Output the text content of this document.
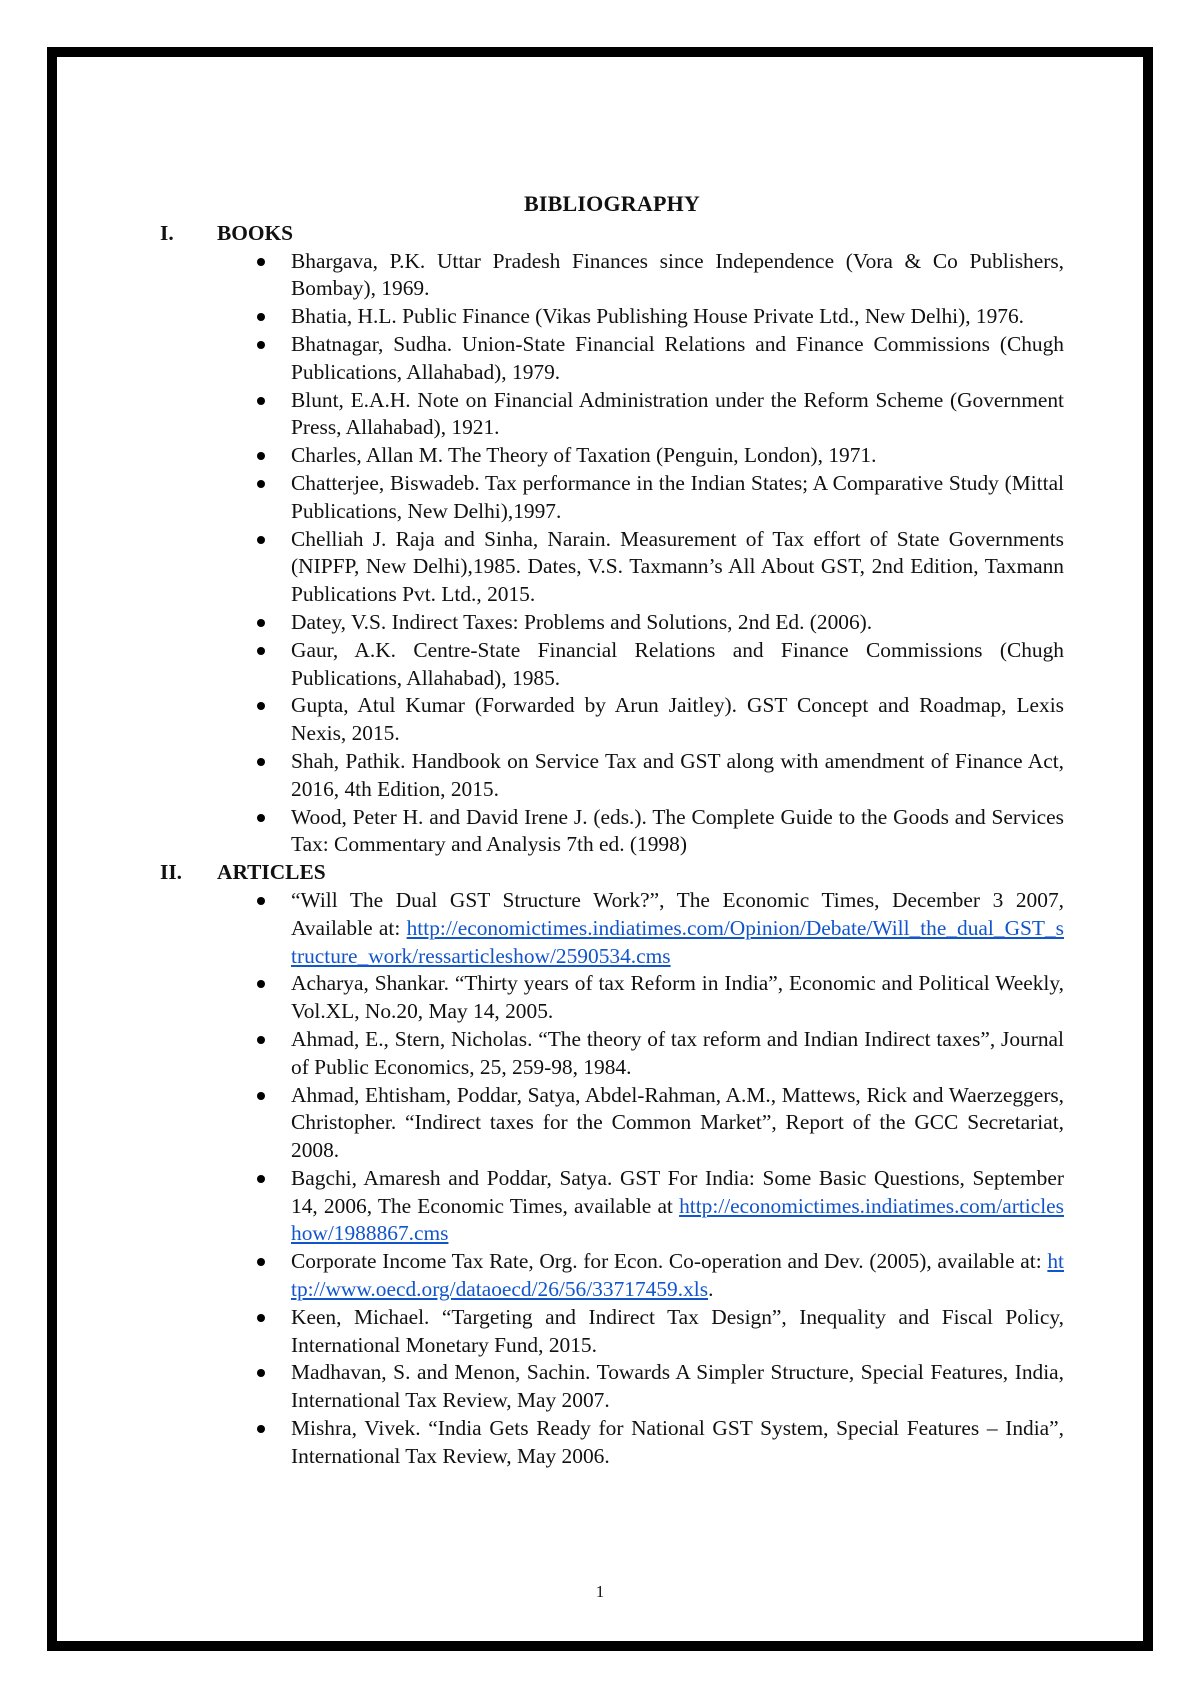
BIBLIOGRAPHY
I.	BOOKS
Bhargava, P.K. Uttar Pradesh Finances since Independence (Vora & Co Publishers, Bombay), 1969.
Bhatia, H.L. Public Finance (Vikas Publishing House Private Ltd., New Delhi), 1976.
Bhatnagar, Sudha. Union-State Financial Relations and Finance Commissions (Chugh Publications, Allahabad), 1979.
Blunt, E.A.H. Note on Financial Administration under the Reform Scheme (Government Press, Allahabad), 1921.
Charles, Allan M. The Theory of Taxation (Penguin, London), 1971.
Chatterjee, Biswadeb. Tax performance in the Indian States; A Comparative Study (Mittal Publications, New Delhi),1997.
Chelliah J. Raja and Sinha, Narain. Measurement of Tax effort of State Governments (NIPFP, New Delhi),1985. Dates, V.S. Taxmann’s All About GST, 2nd Edition, Taxmann Publications Pvt. Ltd., 2015.
Datey, V.S. Indirect Taxes: Problems and Solutions, 2nd Ed. (2006).
Gaur, A.K. Centre-State Financial Relations and Finance Commissions (Chugh Publications, Allahabad), 1985.
Gupta, Atul Kumar (Forwarded by Arun Jaitley). GST Concept and Roadmap, Lexis Nexis, 2015.
Shah, Pathik. Handbook on Service Tax and GST along with amendment of Finance Act, 2016, 4th Edition, 2015.
Wood, Peter H. and David Irene J. (eds.). The Complete Guide to the Goods and Services Tax: Commentary and Analysis 7th ed. (1998)
II.	ARTICLES
“Will The Dual GST Structure Work?”, The Economic Times, December 3 2007, Available at: http://economictimes.indiatimes.com/Opinion/Debate/Will_the_dual_GST_structure_work/ressarticleshow/2590534.cms
Acharya, Shankar. “Thirty years of tax Reform in India”, Economic and Political Weekly, Vol.XL, No.20, May 14, 2005.
Ahmad, E., Stern, Nicholas. “The theory of tax reform and Indian Indirect taxes”, Journal of Public Economics, 25, 259-98, 1984.
Ahmad, Ehtisham, Poddar, Satya, Abdel-Rahman, A.M., Mattews, Rick and Waerzeggers, Christopher. “Indirect taxes for the Common Market”, Report of the GCC Secretariat, 2008.
Bagchi, Amaresh and Poddar, Satya. GST For India: Some Basic Questions, September 14, 2006, The Economic Times, available at http://economictimes.indiatimes.com/articleshow/1988867.cms
Corporate Income Tax Rate, Org. for Econ. Co-operation and Dev. (2005), available at: http://www.oecd.org/dataoecd/26/56/33717459.xls.
Keen, Michael. “Targeting and Indirect Tax Design”, Inequality and Fiscal Policy, International Monetary Fund, 2015.
Madhavan, S. and Menon, Sachin. Towards A Simpler Structure, Special Features, India, International Tax Review, May 2007.
Mishra, Vivek. “India Gets Ready for National GST System, Special Features – India”, International Tax Review, May 2006.
1
